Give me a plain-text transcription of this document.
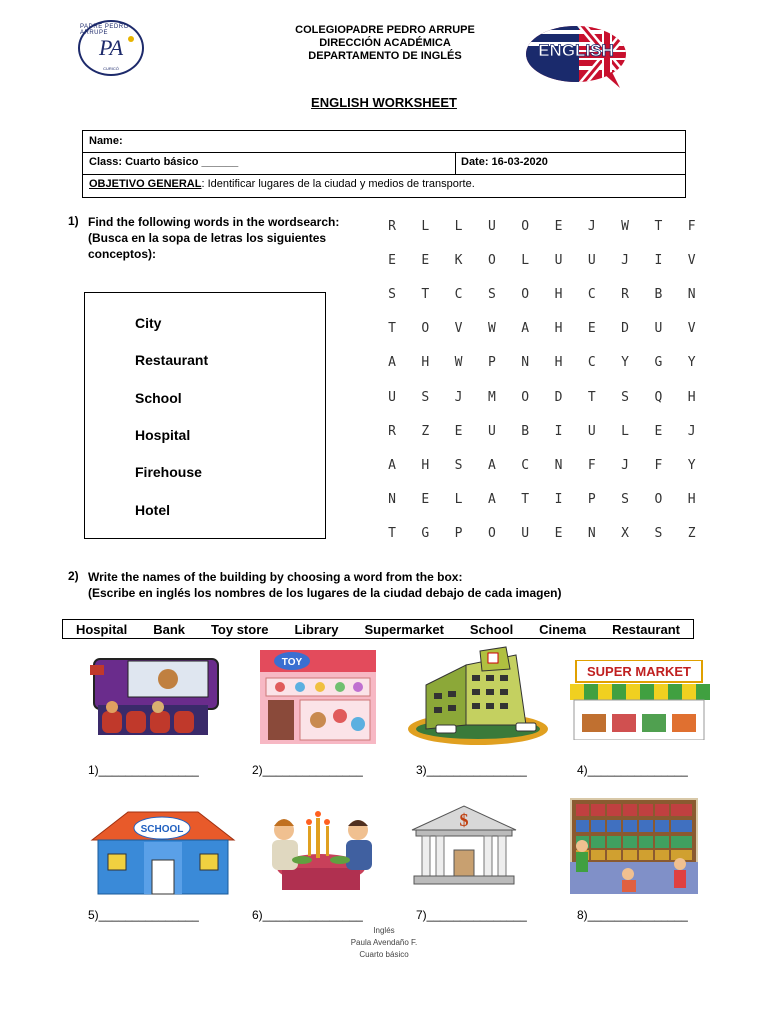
PADRE PEDRO ARRUPE
PA
CURICÓ
COLEGIOPADRE PEDRO ARRUPE
DIRECCIÓN ACADÉMICA
DEPARTAMENTO DE INGLÉS	ENGLISH
ENGLISH WORKSHEET
Name:
Class: Cuarto básico ______	Date: 16-03-2020
OBJETIVO GENERAL: Identificar lugares de la ciudad y medios de transporte.
1) Find the following words in the wordsearch:
(Busca en la sopa de letras los siguientes conceptos):
City
Restaurant
School
Hospital
Firehouse
Hotel
R	L	L	U	O	E	J	W	T	F
E	E	K	O	L	U	U	J	I	V
S	T	C	S	O	H	C	R	B	N
T	O	V	W	A	H	E	D	U	V
A	H	W	P	N	H	C	Y	G	Y
U	S	J	M	O	D	T	S	Q	H
R	Z	E	U	B	I	U	L	E	J
A	H	S	A	C	N	F	J	F	Y
N	E	L	A	T	I	P	S	O	H
T	G	P	O	U	E	N	X	S	Z
2) Write the names of the building by choosing a word from the box:
(Escribe en inglés los nombres de los lugares de la ciudad debajo de cada imagen)
Hospital Bank Toy store Library Supermarket School Cinema Restaurant
TOY
SUPER MARKET
1)_______________	2)_______________	3)_______________	4)_______________
SCHOOL	$
5)_______________	6)_______________	7)_______________	8)_______________
Inglés
Paula Avendaño F.
Cuarto básico
